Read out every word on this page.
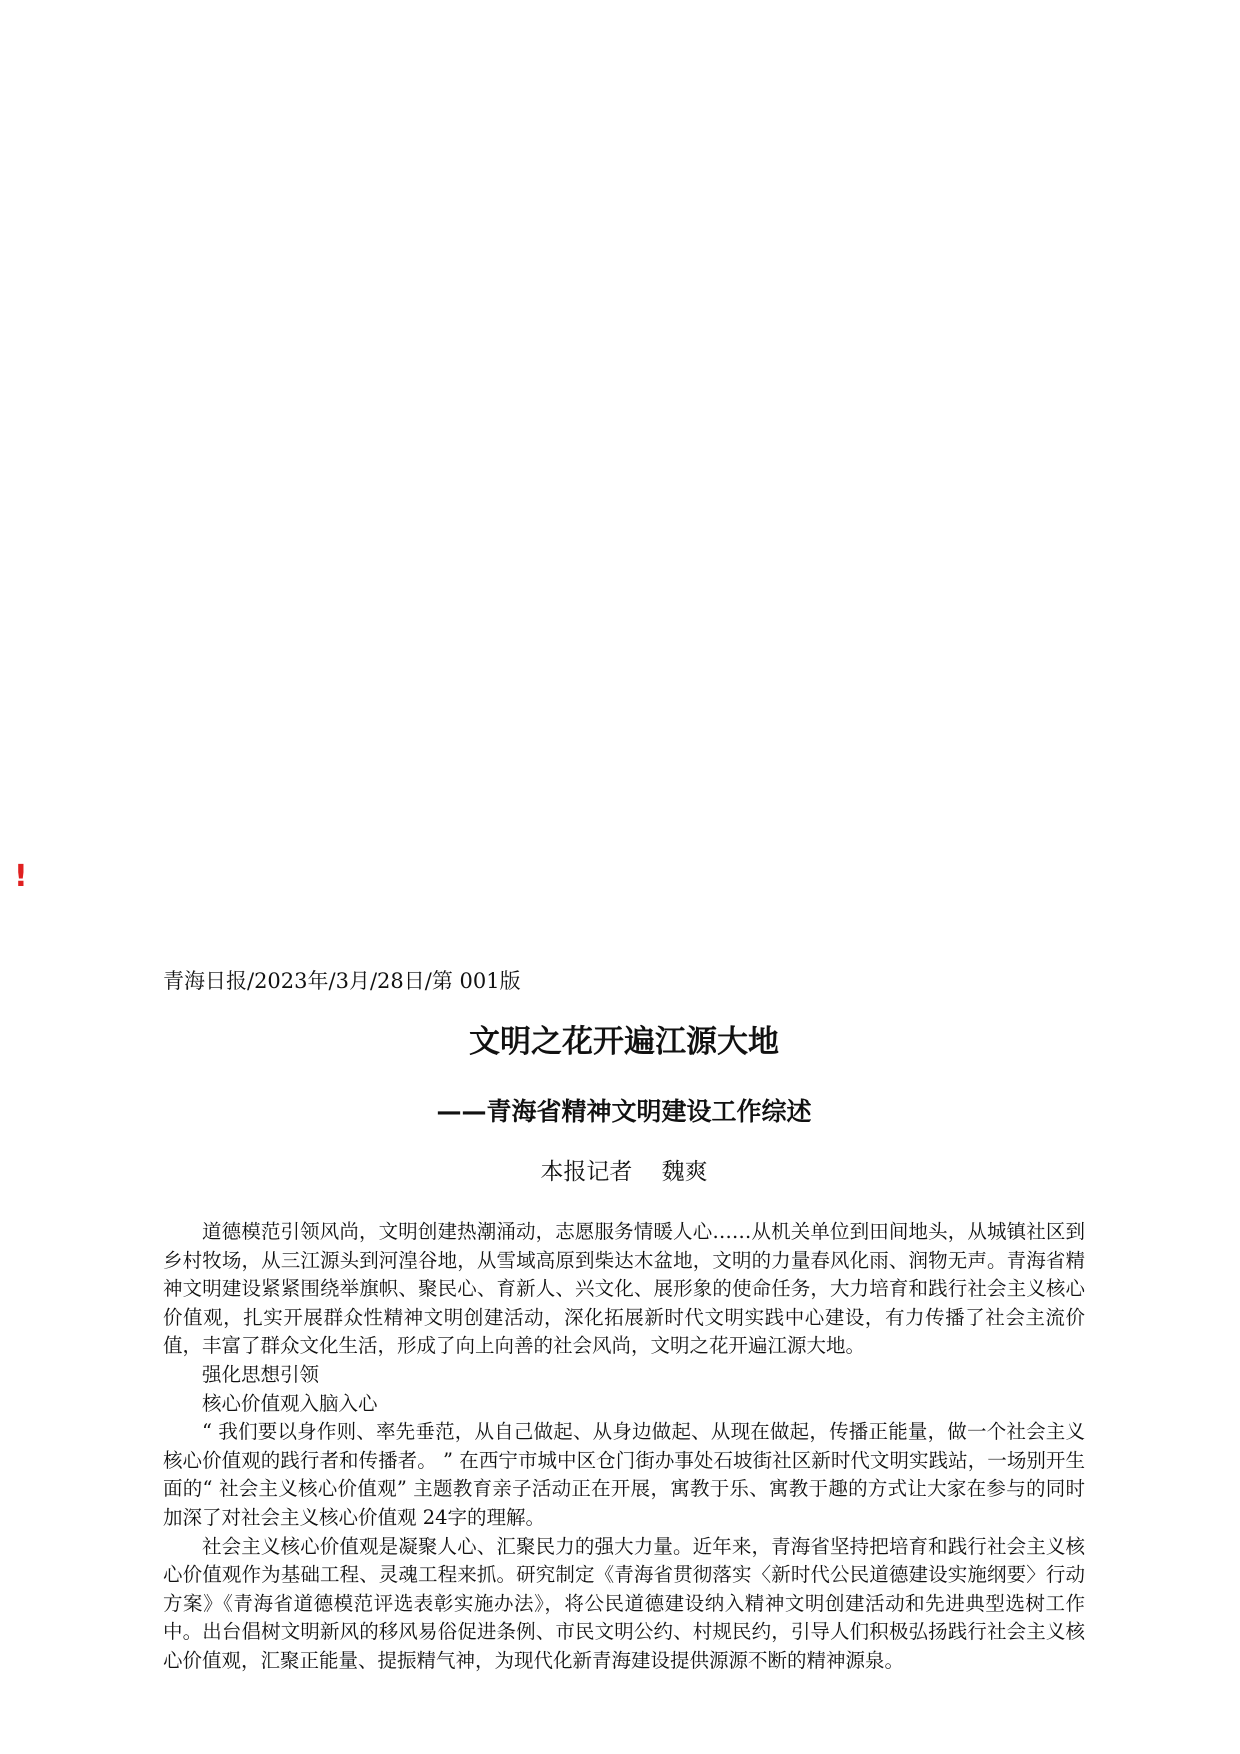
!

青海日报/2023年/3月/28日/第 001版

文明之花开遍江源大地
——青海省精神文明建设工作综述

本报记者    魏爽

道德模范引领风尚，文明创建热潮涌动，志愿服务情暖人心……从机关单位到田间地头，从城镇社区到乡村牧场，从三江源头到河湟谷地，从雪域高原到柴达木盆地，文明的力量春风化雨、润物无声。青海省精神文明建设紧紧围绕举旗帜、聚民心、育新人、兴文化、展形象的使命任务，大力培育和践行社会主义核心价值观，扎实开展群众性精神文明创建活动，深化拓展新时代文明实践中心建设，有力传播了社会主流价值，丰富了群众文化生活，形成了向上向善的社会风尚，文明之花开遍江源大地。

强化思想引领

核心价值观入脑入心

“ 我们要以身作则、率先垂范，从自己做起、从身边做起、从现在做起，传播正能量，做一个社会主义核心价值观的践行者和传播者。 ” 在西宁市城中区仓门街办事处石坡街社区新时代文明实践站，一场别开生面的“ 社会主义核心价值观” 主题教育亲子活动正在开展，寓教于乐、寓教于趣的方式让大家在参与的同时加深了对社会主义核心价值观 24字的理解。

社会主义核心价值观是凝聚人心、汇聚民力的强大力量。近年来，青海省坚持把培育和践行社会主义核心价值观作为基础工程、灵魂工程来抓。研究制定《青海省贯彻落实〈新时代公民道德建设实施纲要〉行动方案》《青海省道德模范评选表彰实施办法》，将公民道德建设纳入精神文明创建活动和先进典型选树工作中。出台倡树文明新风的移风易俗促进条例、市民文明公约、村规民约，引导人们积极弘扬践行社会主义核心价值观，汇聚正能量、提振精气神，为现代化新青海建设提供源源不断的精神源泉。
